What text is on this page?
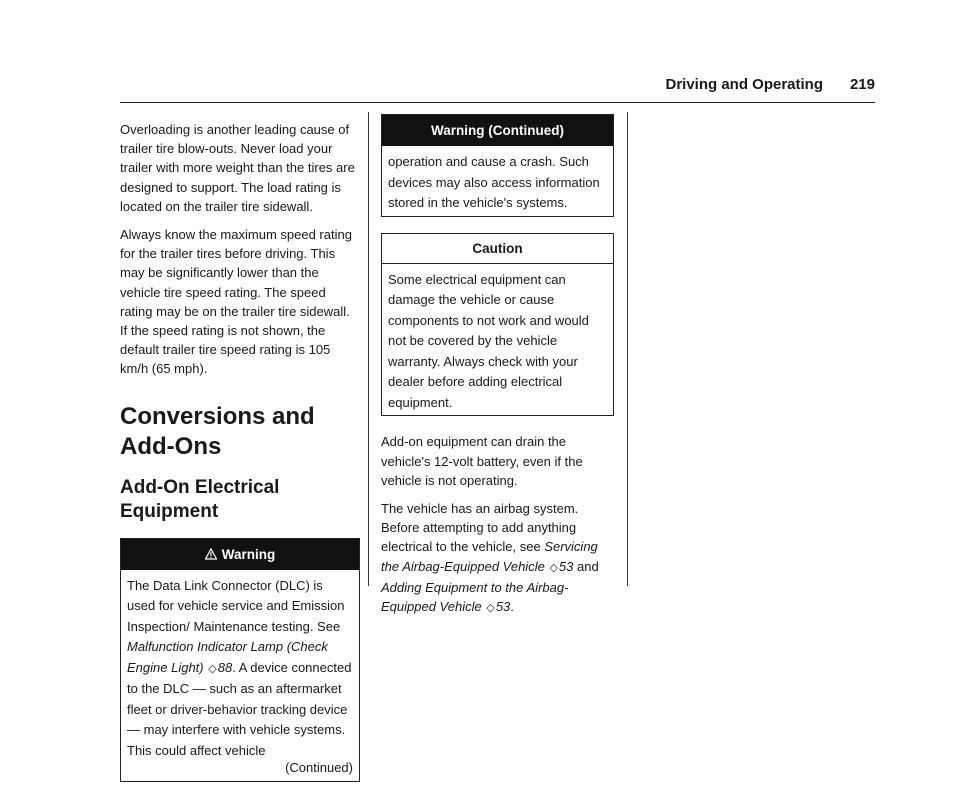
Driving and Operating 219

Overloading is another leading cause of trailer tire blow-outs. Never load your trailer with more weight than the tires are designed to support. The load rating is located on the trailer tire sidewall.

Always know the maximum speed rating for the trailer tires before driving. This may be significantly lower than the vehicle tire speed rating. The speed rating may be on the trailer tire sidewall. If the speed rating is not shown, the default trailer tire speed rating is 105 km/h (65 mph).

Conversions and Add-Ons
Add-On Electrical Equipment
Warning
The Data Link Connector (DLC) is used for vehicle service and Emission Inspection/ Maintenance testing. See Malfunction Indicator Lamp (Check Engine Light) ◇88. A device connected to the DLC — such as an aftermarket fleet or driver-behavior tracking device — may interfere with vehicle systems. This could affect vehicle
(Continued)
Warning (Continued)
operation and cause a crash. Such devices may also access information stored in the vehicle's systems.
Caution
Some electrical equipment can damage the vehicle or cause components to not work and would not be covered by the vehicle warranty. Always check with your dealer before adding electrical equipment.

Add-on equipment can drain the vehicle's 12-volt battery, even if the vehicle is not operating.

The vehicle has an airbag system. Before attempting to add anything electrical to the vehicle, see Servicing the Airbag-Equipped Vehicle ◇53 and
Adding Equipment to the Airbag-Equipped Vehicle ◇53.
